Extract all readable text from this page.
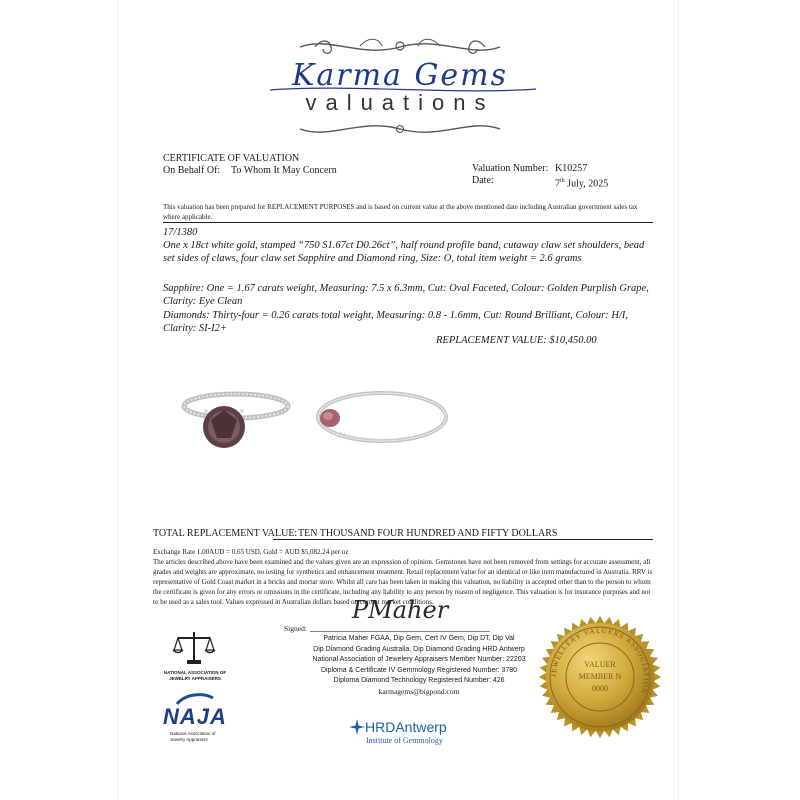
Karma Gems
valuations
CERTIFICATE OF VALUATION
On Behalf Of: To Whom It May Concern	Valuation Number: K10257
Date:	7th July, 2025
This valuation has been prepared for REPLACEMENT PURPOSES and is based on current value at the above mentioned date including Australian government sales tax where applicable.
17/1380
One x 18ct white gold, stamped “750 S1.67ct D0.26ct”, half round profile band, cutaway claw set shoulders, bead set sides of claws, four claw set Sapphire and Diamond ring, Size: O, total item weight = 2.6 grams
Sapphire: One = 1.67 carats weight, Measuring: 7.5 x 6.3mm, Cut: Oval Faceted, Colour: Golden Purplish Grape, Clarity: Eye Clean
Diamonds: Thirty-four = 0.26 carats total weight, Measuring: 0.8 - 1.6mm, Cut: Round Brilliant, Colour: H/I, Clarity: SI-I2+
REPLACEMENT VALUE: $10,450.00
TOTAL REPLACEMENT VALUE: TEN THOUSAND FOUR HUNDRED AND FIFTY DOLLARS
Exchange Rate 1.00AUD = 0.65 USD, Gold = AUD $5,082.24 per oz
The articles described above have been examined and the values given are an expression of opinion. Gemstones have not been removed from settings for accurate assessment, all grades and weights are approximate, no testing for synthetics and enhancement treatment. Retail replacement value for an identical or like item manufactured in Australia. RRV is representative of Gold Coast market in a bricks and mortar store. Whilst all care has been taken in making this valuation, no liability is accepted other than to the person to whom the certificate is given for any errors or omissions in the certificate, including any liability to any person by reason of negligence. This valuation is for insurance purposes and not to be used as a sales tool. Values expressed in Australian dollars based on current market conditions.
Signed:
PMaher
Patricia Maher FGAA, Dip Gem, Cert IV Gem, Dip DT, Dip Val
Dip Diamond Grading Australia, Dip Diamond Grading HRD Antwerp
National Association of Jewelery Appraisers Member Number: 22203
Diploma & Certificate IV Gemmology Registered Number: 3780
Diploma Diamond Technology Registered Number: 426
karmagems@bigpond.com
NATIONAL ASSOCIATION OF
JEWELRY APPRAISERS
NAJA
National Association of
Jewelry Appraisers
HRDAntwerp
Institute of Gemmology
JEWELLERY VALUERS ASSOCIATION
VALUER
MEMBER N
0000
